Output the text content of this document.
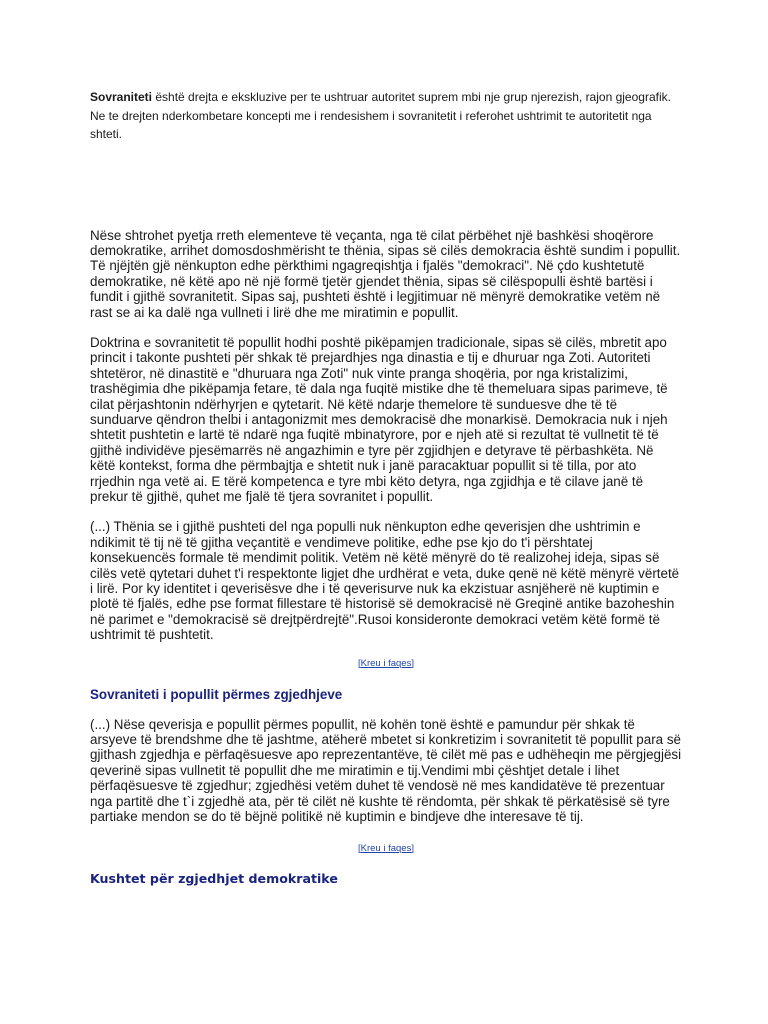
Sovraniteti është drejta e ekskluzive per te ushtruar autoritet suprem mbi nje grup njerezish, rajon gjeografik. Ne te drejten nderkombetare koncepti me i rendesishem i sovranitetit i referohet ushtrimit te autoritetit nga shteti.

Nëse shtrohet pyetja rreth elementeve të veçanta, nga të cilat përbëhet një bashkësi shoqërore demokratike, arrihet domosdoshmërisht te thënia, sipas së cilës demokracia është sundim i popullit. Të njëjtën gjë nënkupton edhe përkthimi ngagreqishtja i fjalës "demokraci". Në çdo kushtetutë demokratike, në këtë apo në një formë tjetër gjendet thënia, sipas së cilëspopulli është bartësi i fundit i gjithë sovranitetit. Sipas saj, pushteti është i legjitimuar në mënyrë demokratike vetëm në rast se ai ka dalë nga vullneti i lirë dhe me miratimin e popullit.

Doktrina e sovranitetit të popullit hodhi poshtë pikëpamjen tradicionale, sipas së cilës, mbretit apo princit i takonte pushteti për shkak të prejardhjes nga dinastia e tij e dhuruar nga Zoti. Autoriteti shtetëror, në dinastitë e "dhuruara nga Zoti" nuk vinte pranga shoqëria, por nga kristalizimi, trashëgimia dhe pikëpamja fetare, të dala nga fuqitë mistike dhe të themeluara sipas parimeve, të cilat përjashtonin ndërhyrjen e qytetarit. Në këtë ndarje themelore të sunduesve dhe të të sunduarve qëndron thelbi i antagonizmit mes demokracisë dhe monarkisë. Demokracia nuk i njeh shtetit pushtetin e lartë të ndarë nga fuqitë mbinatyrore, por e njeh atë si rezultat të vullnetit të të gjithë individëve pjesëmarrës në angazhimin e tyre për zgjidhjen e detyrave të përbashkëta. Në këtë kontekst, forma dhe përmbajtja e shtetit nuk i janë paracaktuar popullit si të tilla, por ato rrjedhin nga vetë ai. E tërë kompetenca e tyre mbi këto detyra, nga zgjidhja e të cilave janë të prekur të gjithë, quhet me fjalë të tjera sovranitet i popullit.

(...) Thënia se i gjithë pushteti del nga populli nuk nënkupton edhe qeverisjen dhe ushtrimin e ndikimit të tij në të gjitha veçantitë e vendimeve politike, edhe pse kjo do t'i përshtatej konsekuencës formale të mendimit politik. Vetëm në këtë mënyrë do të realizohej ideja, sipas së cilës vetë qytetari duhet t'i respektonte ligjet dhe urdhërat e veta, duke qenë në këtë mënyrë vërtetë i lirë. Por ky identitet i qeverisësve dhe i të qeverisurve nuk ka ekzistuar asnjëherë në kuptimin e plotë të fjalës, edhe pse format fillestare të historisë së demokracisë në Greqinë antike bazoheshin në parimet e "demokracisë së drejtpërdrejtë".Rusoi konsideronte demokraci vetëm këtë formë të ushtrimit të pushtetit.

[Kreu i faqes]
Sovraniteti i popullit përmes zgjedhjeve

(...) Nëse qeverisja e popullit përmes popullit, në kohën tonë është e pamundur për shkak të arsyeve të brendshme dhe të jashtme, atëherë mbetet si konkretizim i sovranitetit të popullit para së gjithash zgjedhja e përfaqësuesve apo reprezentantëve, të cilët më pas e udhëheqin me përgjegjësi qeverinë sipas vullnetit të popullit dhe me miratimin e tij.Vendimi mbi çështjet detale i lihet përfaqësuesve të zgjedhur; zgjedhësi vetëm duhet të vendosë në mes kandidatëve të prezentuar nga partitë dhe t`i zgjedhë ata, për të cilët në kushte të rëndomta, për shkak të përkatësisë së tyre partiake mendon se do të bëjnë politikë në kuptimin e bindjeve dhe interesave të tij.

[Kreu i faqes]
Kushtet për zgjedhjet demokratike
